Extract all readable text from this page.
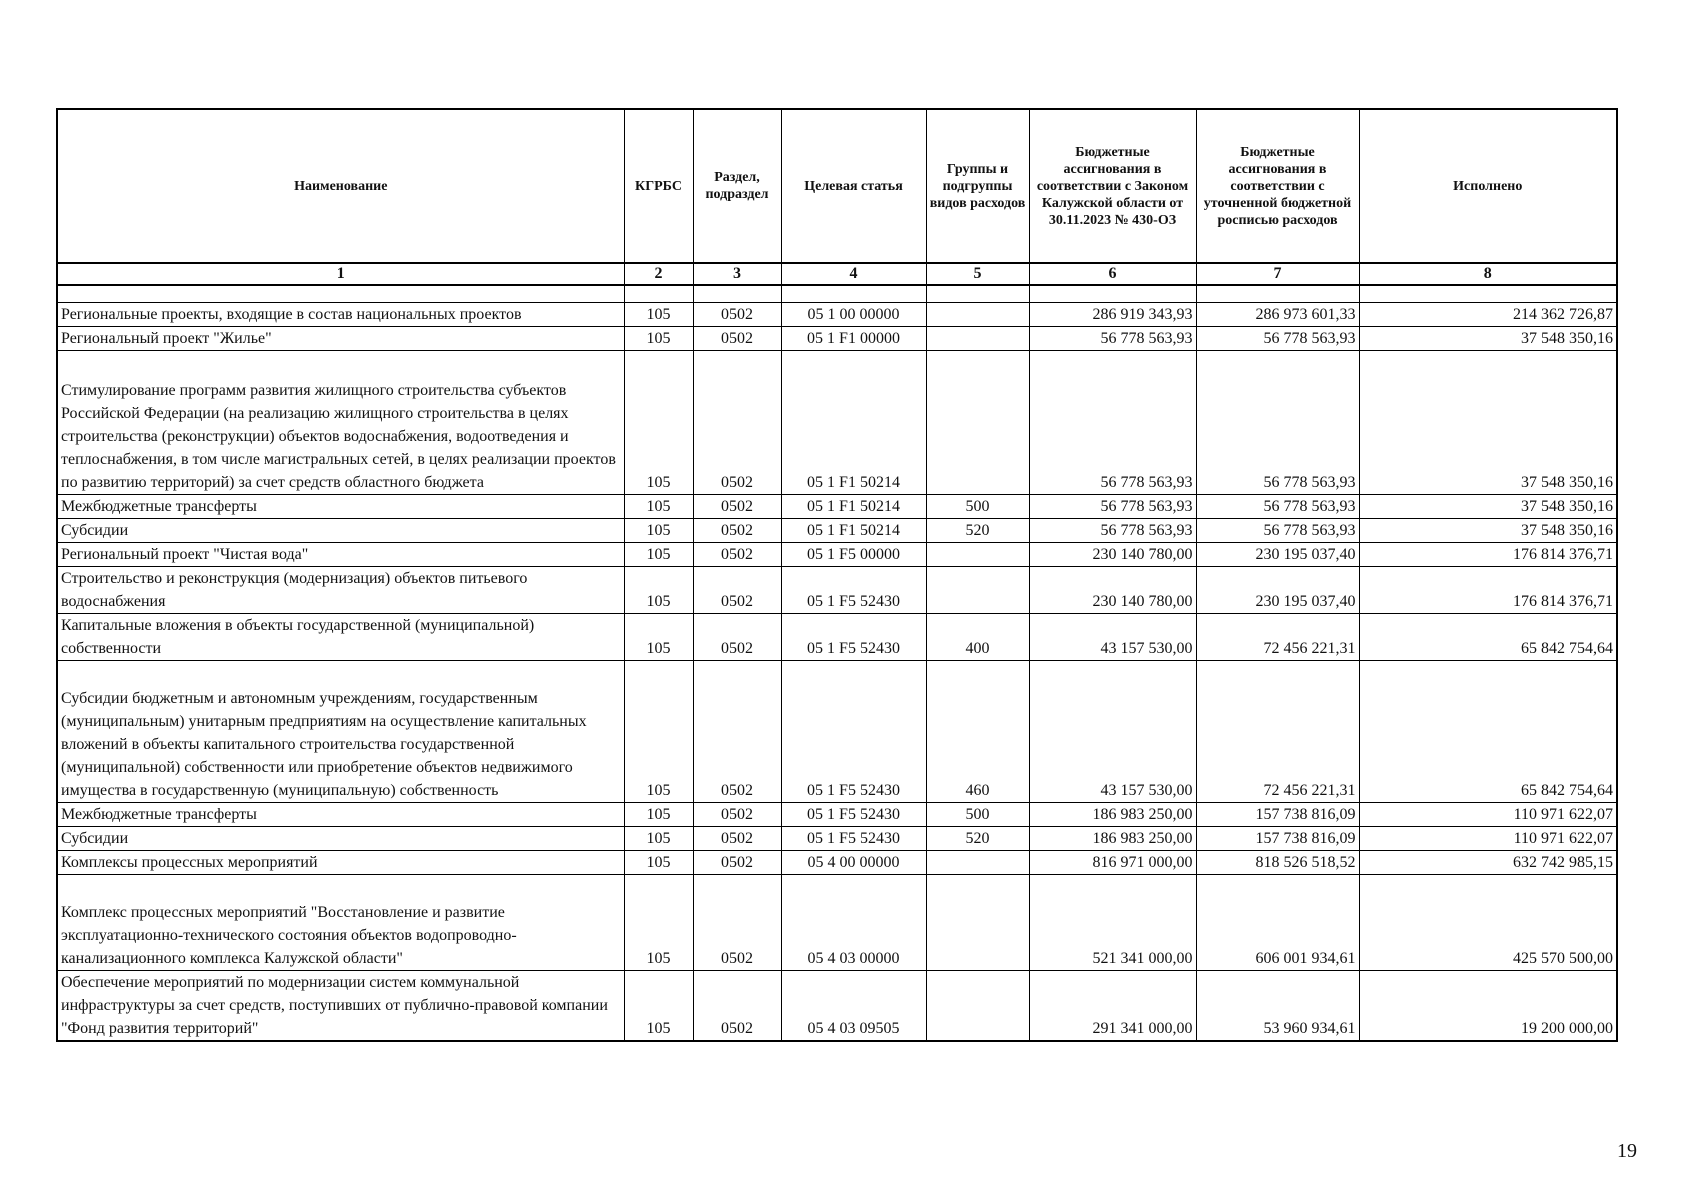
Наименование	КГРБС	Раздел, подраздел	Целевая статья	Группы и подгруппы видов расходов	Бюджетные ассигнования в соответствии с Законом Калужской области от 30.11.2023 № 430-ОЗ	Бюджетные ассигнования в соответствии с уточненной бюджетной росписью расходов	Исполнено
1	2	3	4	5	6	7	8

Региональные проекты, входящие в состав национальных проектов	105	0502	05 1 00 00000		286 919 343,93	286 973 601,33	214 362 726,87
Региональный проект "Жилье"	105	0502	05 1 F1 00000		56 778 563,93	56 778 563,93	37 548 350,16
Стимулирование программ развития жилищного строительства субъектов Российской Федерации (на реализацию жилищного строительства в целях строительства (реконструкции) объектов водоснабжения, водоотведения и теплоснабжения, в том числе магистральных сетей, в целях реализации проектов по развитию территорий) за счет средств областного бюджета	105	0502	05 1 F1 50214		56 778 563,93	56 778 563,93	37 548 350,16
Межбюджетные трансферты	105	0502	05 1 F1 50214	500	56 778 563,93	56 778 563,93	37 548 350,16
Субсидии	105	0502	05 1 F1 50214	520	56 778 563,93	56 778 563,93	37 548 350,16
Региональный проект "Чистая вода"	105	0502	05 1 F5 00000		230 140 780,00	230 195 037,40	176 814 376,71
Строительство и реконструкция (модернизация) объектов питьевого водоснабжения	105	0502	05 1 F5 52430		230 140 780,00	230 195 037,40	176 814 376,71
Капитальные вложения в объекты государственной (муниципальной) собственности	105	0502	05 1 F5 52430	400	43 157 530,00	72 456 221,31	65 842 754,64
Субсидии бюджетным и автономным учреждениям, государственным (муниципальным) унитарным предприятиям на осуществление капитальных вложений в объекты капитального строительства государственной (муниципальной) собственности или приобретение объектов недвижимого имущества в государственную (муниципальную) собственность	105	0502	05 1 F5 52430	460	43 157 530,00	72 456 221,31	65 842 754,64
Межбюджетные трансферты	105	0502	05 1 F5 52430	500	186 983 250,00	157 738 816,09	110 971 622,07
Субсидии	105	0502	05 1 F5 52430	520	186 983 250,00	157 738 816,09	110 971 622,07
Комплексы процессных мероприятий	105	0502	05 4 00 00000		816 971 000,00	818 526 518,52	632 742 985,15
Комплекс процессных мероприятий "Восстановление и развитие эксплуатационно-технического состояния объектов водопроводно-канализационного комплекса Калужской области"	105	0502	05 4 03 00000		521 341 000,00	606 001 934,61	425 570 500,00
Обеспечение мероприятий по модернизации систем коммунальной инфраструктуры за счет средств, поступивших от публично-правовой компании "Фонд развития территорий"	105	0502	05 4 03 09505		291 341 000,00	53 960 934,61	19 200 000,00
19
